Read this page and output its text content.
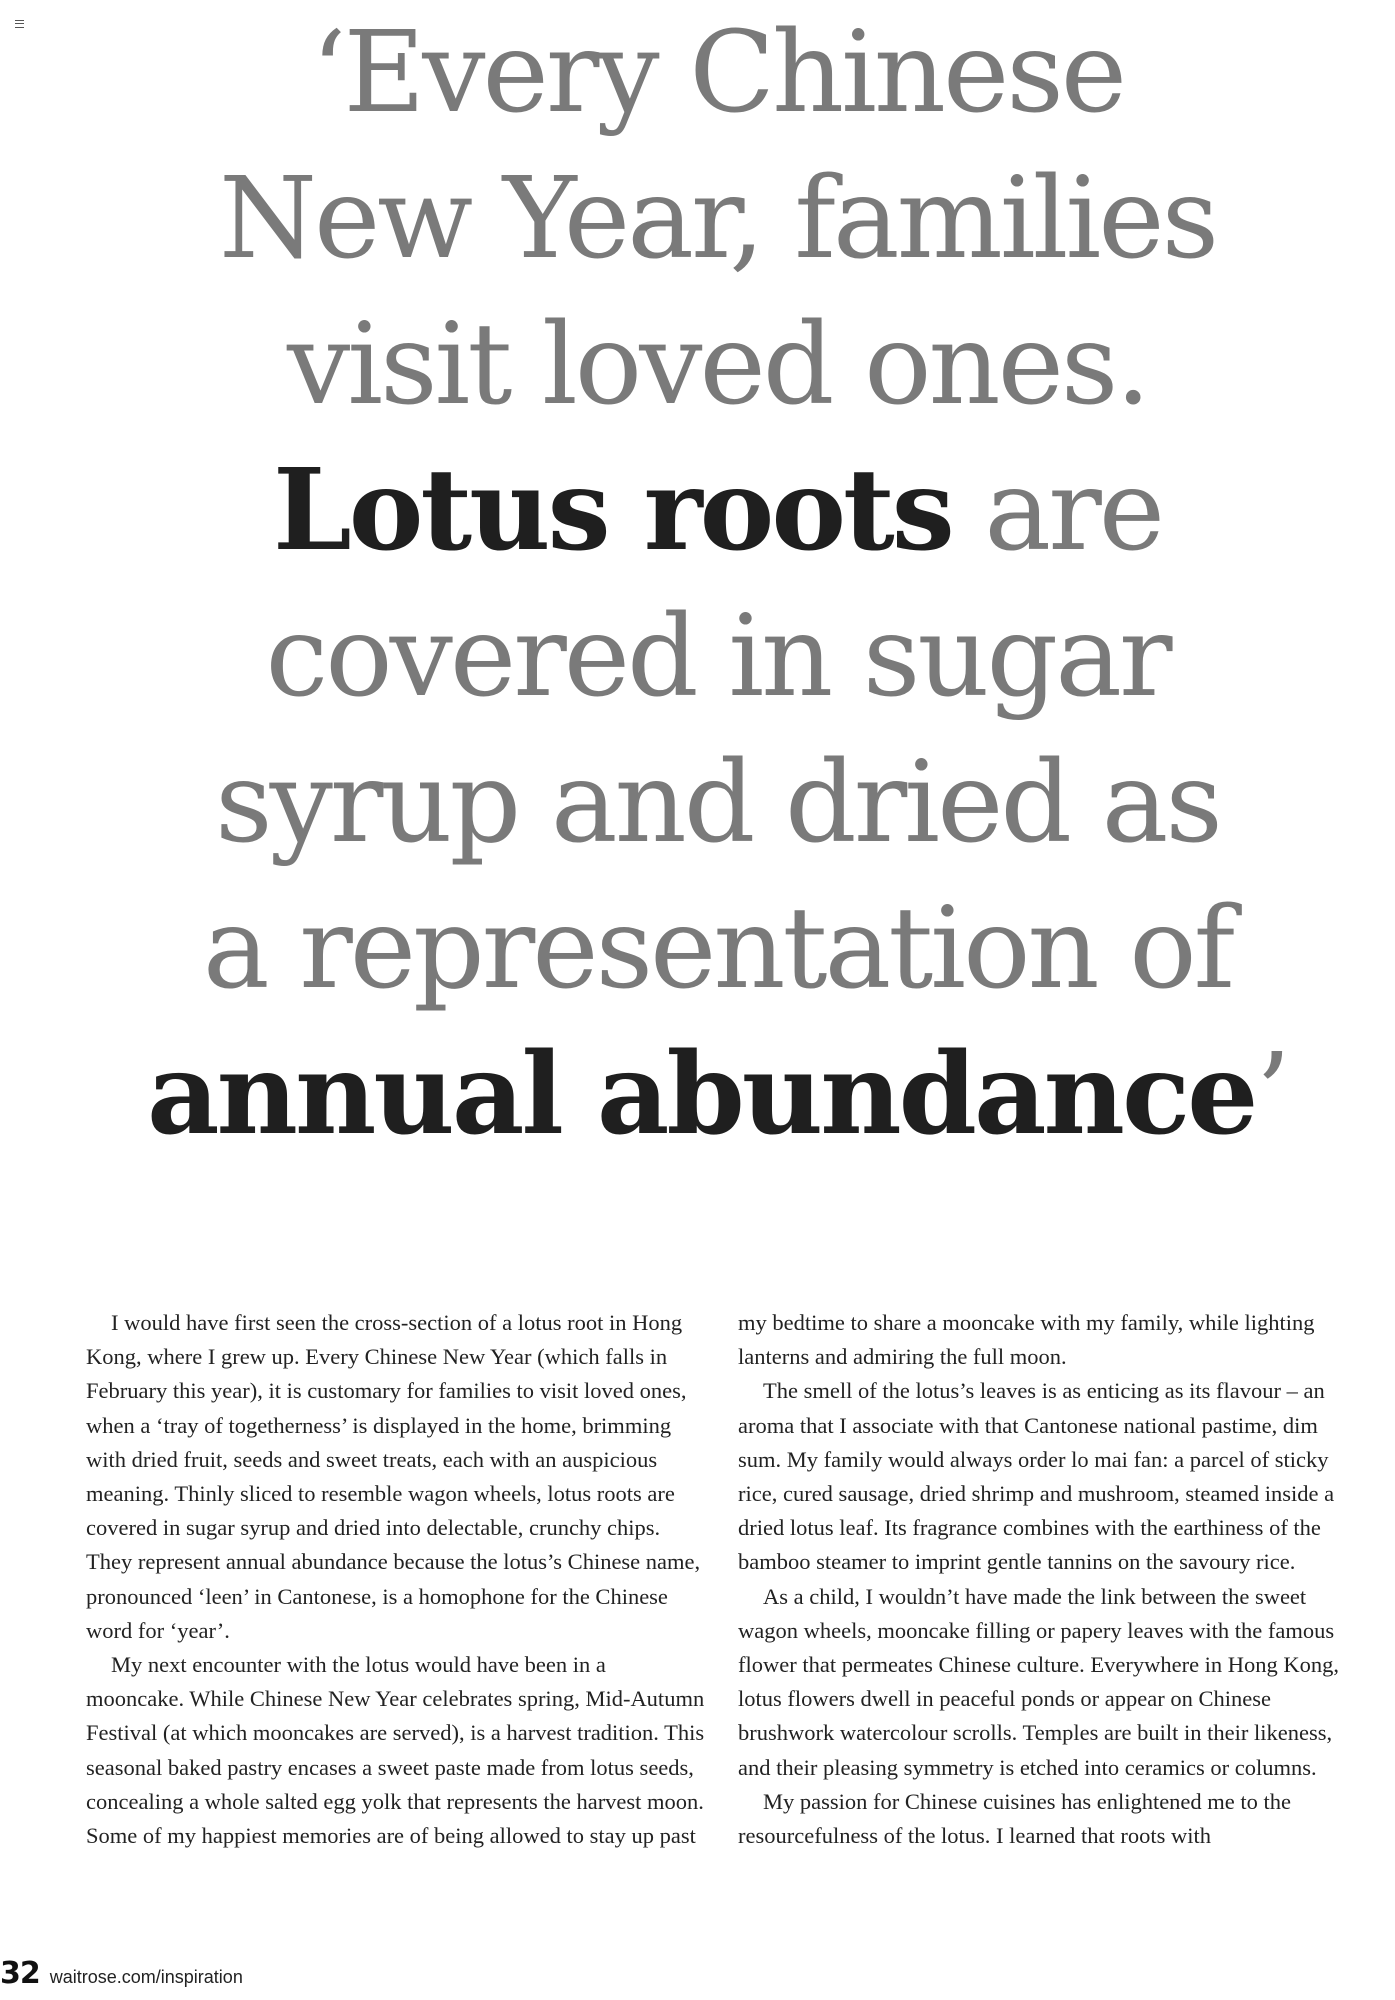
‘Every Chinese
New Year, families
visit loved ones.
Lotus roots are
covered in sugar
syrup and dried as
a representation of
annual abundance’

I would have first seen the cross-section of a lotus root in Hong Kong, where I grew up. Every Chinese New Year (which falls in February this year), it is customary for families to visit loved ones, when a ‘tray of togetherness’ is displayed in the home, brimming with dried fruit, seeds and sweet treats, each with an auspicious meaning. Thinly sliced to resemble wagon wheels, lotus roots are covered in sugar syrup and dried into delectable, crunchy chips. They represent annual abundance because the lotus’s Chinese name, pronounced ‘leen’ in Cantonese, is a homophone for the Chinese word for ‘year’.

My next encounter with the lotus would have been in a mooncake. While Chinese New Year celebrates spring, Mid-Autumn Festival (at which mooncakes are served), is a harvest tradition. This seasonal baked pastry encases a sweet paste made from lotus seeds, concealing a whole salted egg yolk that represents the harvest moon. Some of my happiest memories are of being allowed to stay up past

my bedtime to share a mooncake with my family, while lighting lanterns and admiring the full moon.

The smell of the lotus’s leaves is as enticing as its flavour – an aroma that I associate with that Cantonese national pastime, dim sum. My family would always order lo mai fan: a parcel of sticky rice, cured sausage, dried shrimp and mushroom, steamed inside a dried lotus leaf. Its fragrance combines with the earthiness of the bamboo steamer to imprint gentle tannins on the savoury rice.

As a child, I wouldn’t have made the link between the sweet wagon wheels, mooncake filling or papery leaves with the famous flower that permeates Chinese culture. Everywhere in Hong Kong, lotus flowers dwell in peaceful ponds or appear on Chinese brushwork watercolour scrolls. Temples are built in their likeness, and their pleasing symmetry is etched into ceramics or columns.

My passion for Chinese cuisines has enlightened me to the resourcefulness of the lotus. I learned that roots with

32 waitrose.com/inspiration
